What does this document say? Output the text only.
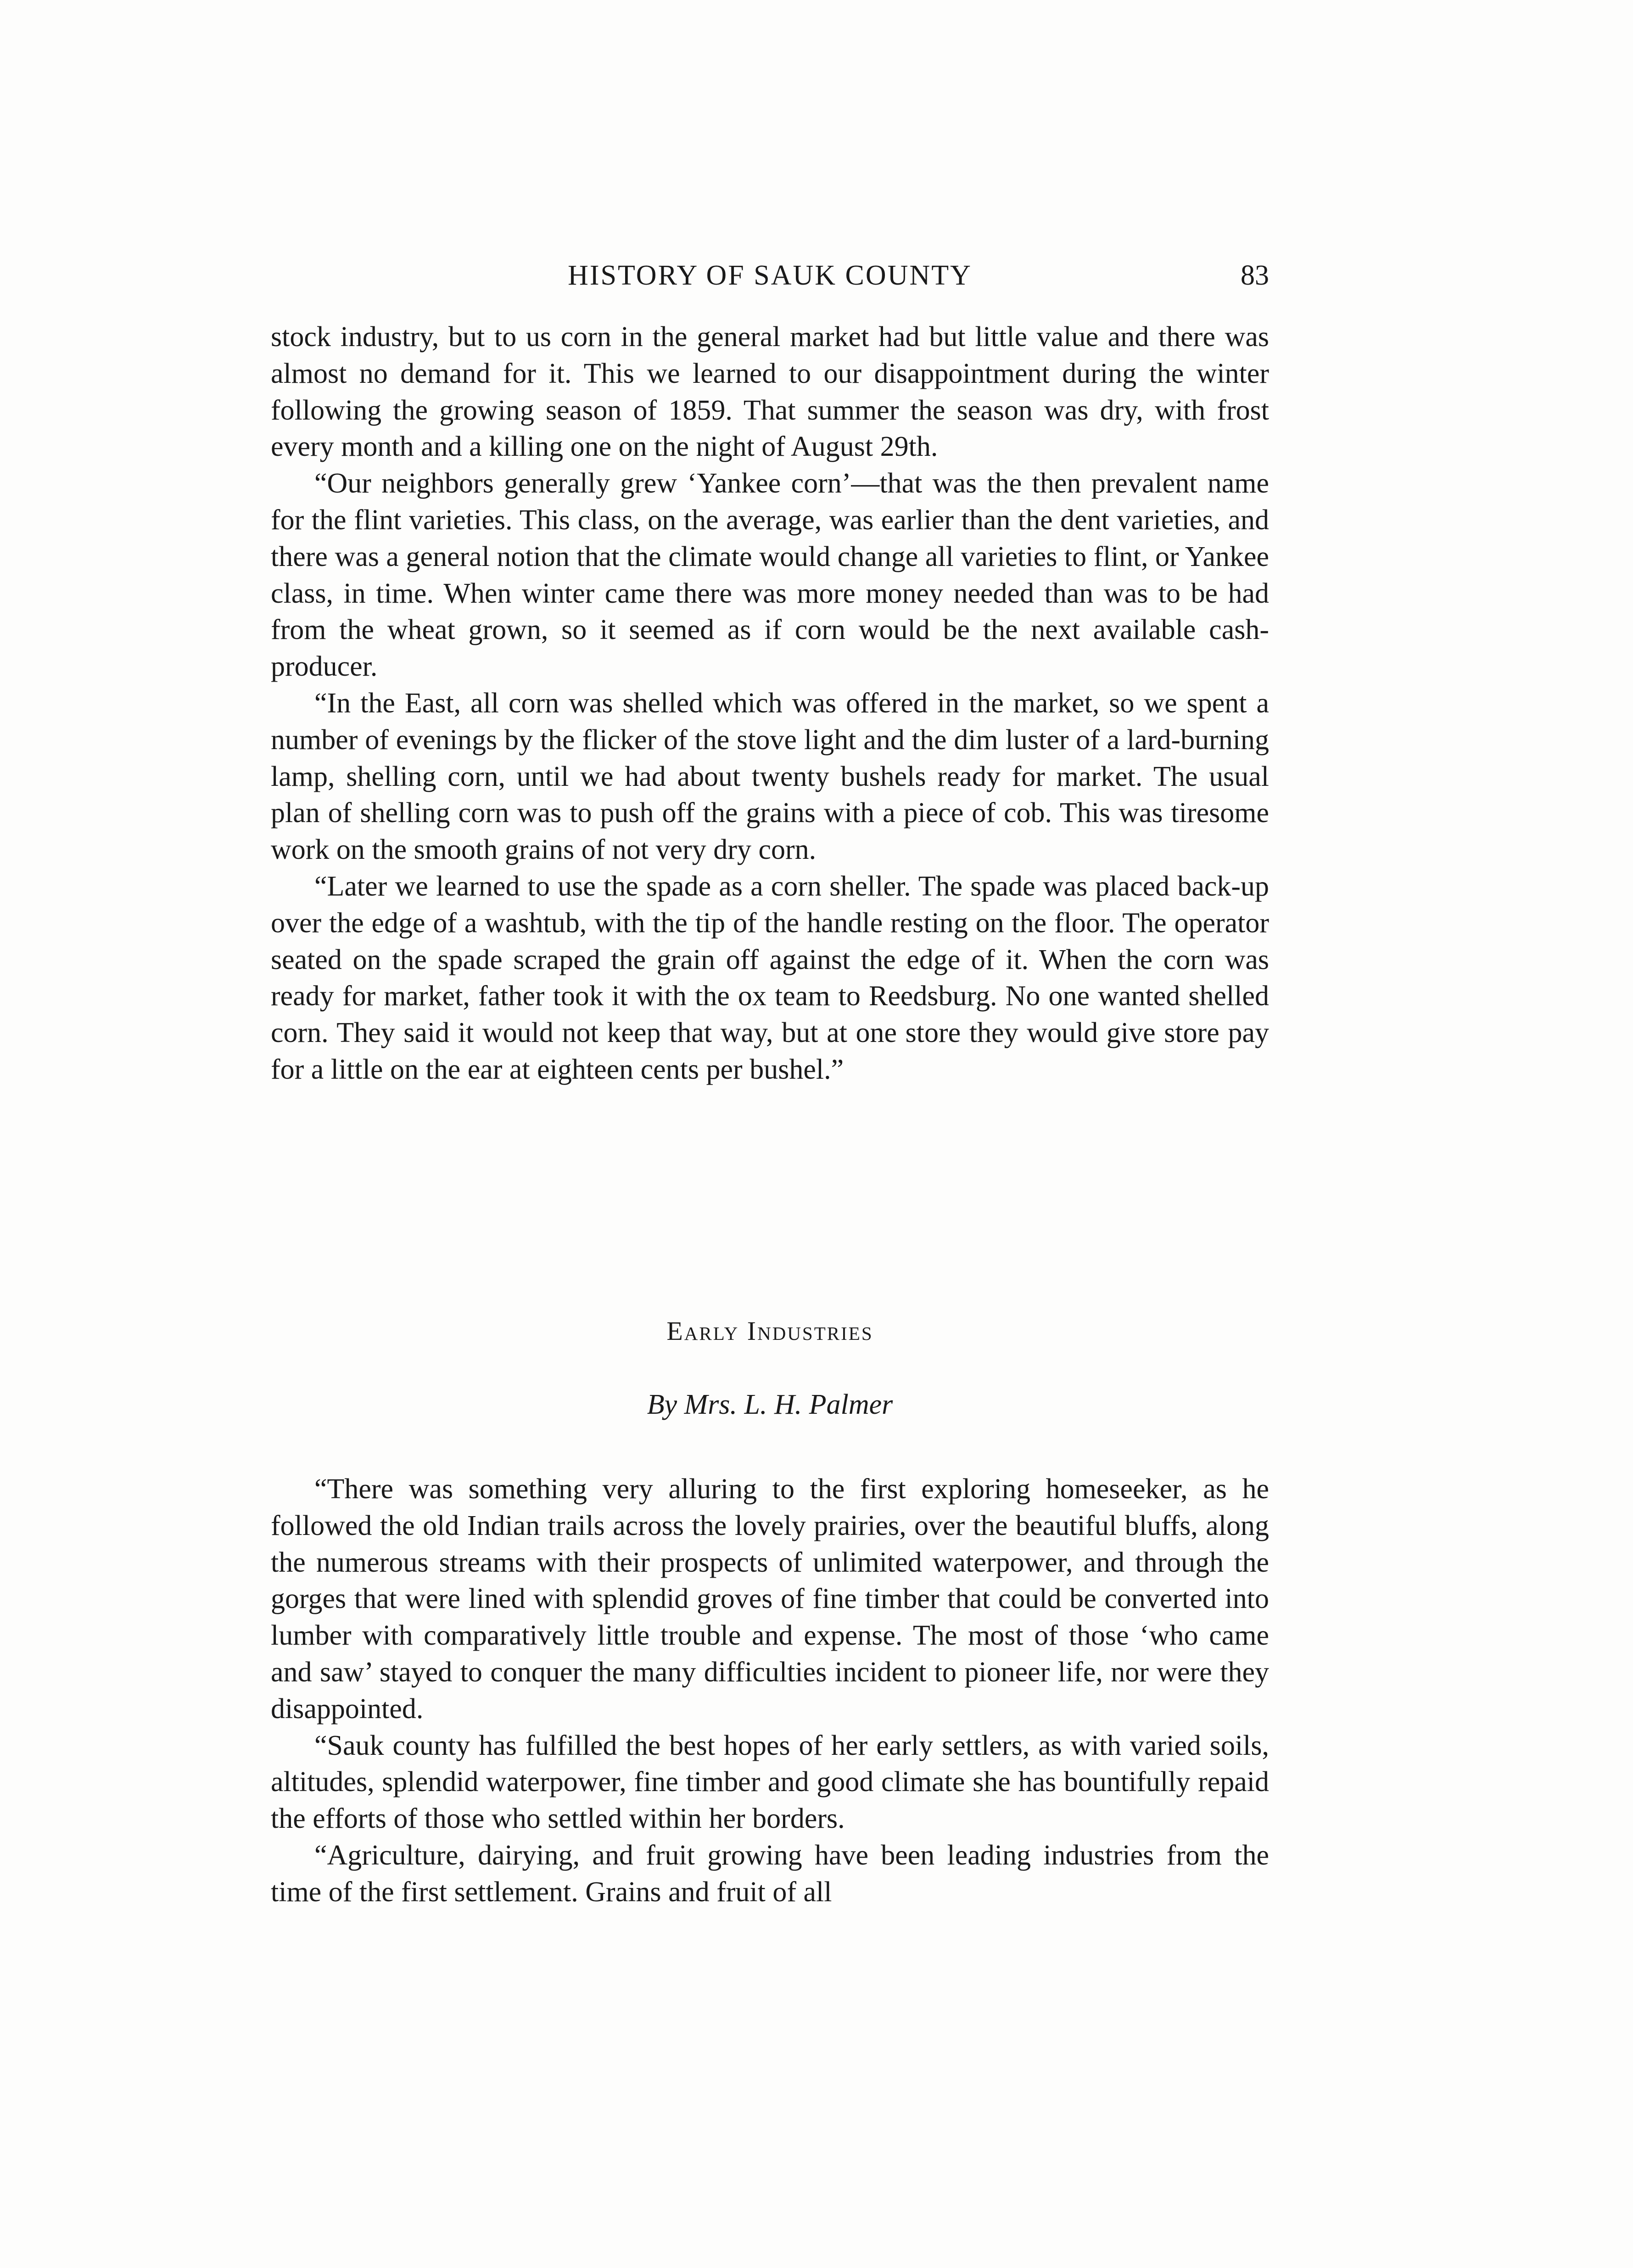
HISTORY OF SAUK COUNTY	83

stock industry, but to us corn in the general market had but little value and there was almost no demand for it. This we learned to our disappointment during the winter following the growing season of 1859. That summer the season was dry, with frost every month and a killing one on the night of August 29th.

“Our neighbors generally grew ‘Yankee corn’—that was the then prevalent name for the flint varieties. This class, on the average, was earlier than the dent varieties, and there was a general notion that the climate would change all varieties to flint, or Yankee class, in time. When winter came there was more money needed than was to be had from the wheat grown, so it seemed as if corn would be the next available cash-producer.

“In the East, all corn was shelled which was offered in the market, so we spent a number of evenings by the flicker of the stove light and the dim luster of a lard-burning lamp, shelling corn, until we had about twenty bushels ready for market. The usual plan of shelling corn was to push off the grains with a piece of cob. This was tiresome work on the smooth grains of not very dry corn.

“Later we learned to use the spade as a corn sheller. The spade was placed back-up over the edge of a washtub, with the tip of the handle resting on the floor. The operator seated on the spade scraped the grain off against the edge of it. When the corn was ready for market, father took it with the ox team to Reedsburg. No one wanted shelled corn. They said it would not keep that way, but at one store they would give store pay for a little on the ear at eighteen cents per bushel.”

Early Industries
By Mrs. L. H. Palmer

“There was something very alluring to the first exploring homeseeker, as he followed the old Indian trails across the lovely prairies, over the beautiful bluffs, along the numerous streams with their prospects of unlimited waterpower, and through the gorges that were lined with splendid groves of fine timber that could be converted into lumber with comparatively little trouble and expense. The most of those ‘who came and saw’ stayed to conquer the many difficulties incident to pioneer life, nor were they disappointed.

“Sauk county has fulfilled the best hopes of her early settlers, as with varied soils, altitudes, splendid waterpower, fine timber and good climate she has bountifully repaid the efforts of those who settled within her borders.

“Agriculture, dairying, and fruit growing have been leading industries from the time of the first settlement. Grains and fruit of all
